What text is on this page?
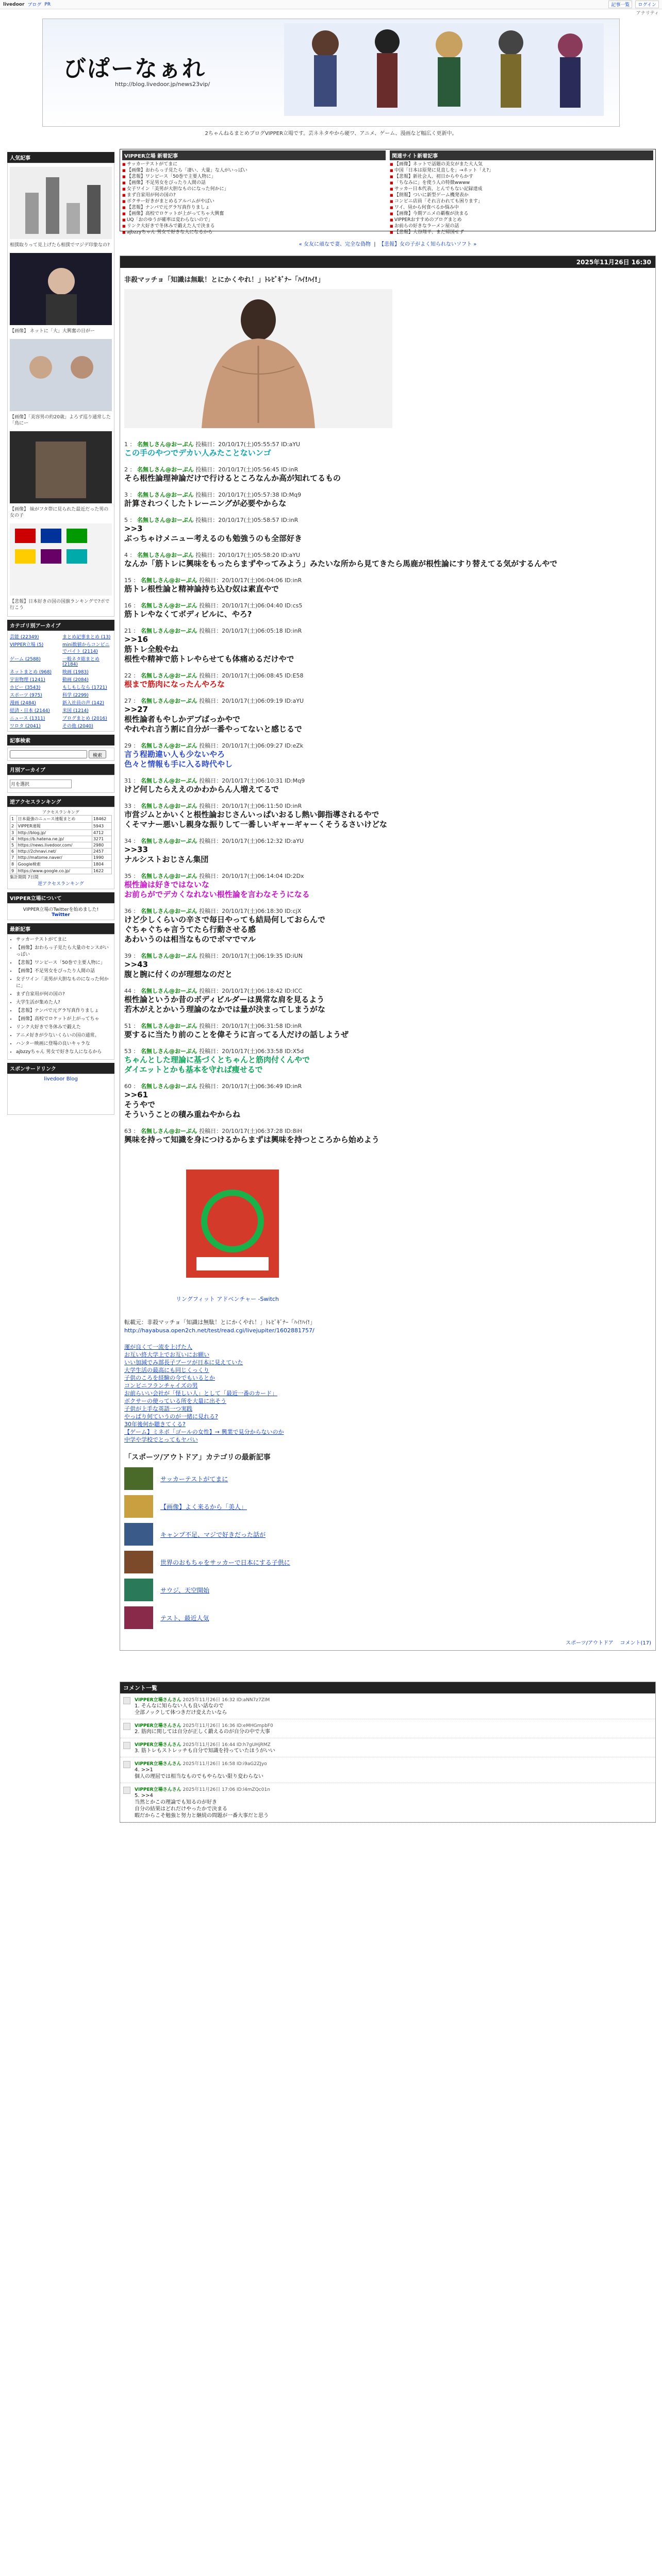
livedoor ブログ PR	記事一覧	ログイン
アナリティ
びぱーなぁれ
http://blog.livedoor.jp/news23vip/
2ちゃんねるまとめブログVIPPER立場です。芸ネネタやから硬ワ、アニメ、ゲーム、漫画など幅広く更新中。
人気記事
相撲取りって見上げたら相撲でマジデ印象なの?
【画像】 ネットに「大」大興奮の日がー
【画像】「美容男の約20歳」よろず巡り通常した「鳥にー
【画像】 妹がフタ帯に見られた最近だった男の女の子
【悲報】日本好きの国の国旗ランキングで?ポで行こう
カテゴリ別アーカイブ
芸能 (22349)	まとめ記事まとめ (13)
VIPPER立場 (5)	mini数値からコンビニでバイト (2114)
ゲーム (2588)	一般ネタ総まとめ (2184)
ネットまとめ (968)	映画 (1983)
宇宙物理 (1241)	動画 (2084)
ホビー (3543)	もしもしなら (1721)
スポーツ (975)	科学 (2299)
漫画 (2484)	新入社員の声 (142)
経済・日本 (2144)	米国 (1214)
ニュース (1311)	ブログまとめ (2016)
ワロタ (2041)	その他 (2040)
記事検索
検索
月別アーカイブ
月を選択
逆アクセスランキング
アクセスランキング
1	日本最強のニュース速報まとめ	18462
2	VIPPER速報	5943
3	http://blog.jp/	4712
4	https://b.hatena.ne.jp/	3271
5	https://news.livedoor.com/	2980
6	http://2chnavi.net/	2457
7	http://matome.naver/	1990
8	Google検索	1804
9	https://www.google.co.jp/	1622
集計期間 7日間
逆アクセスランキング
VIPPER立場について
VIPPER立場のTwitterを始めました!
Twitter
最新記事
• サッカーテストがてまに
• 【画像】おわらっ子見たら大量のセンスがいっぱい
• 【悲報】ワンピース「50巻で主要人物に」
• 【画像】不足男女をぴったり人間の話
• 女子ワイン「美男が大胆なものになった何かに」
• まず自家用が何の国の?
• 大学生活が集めた人?
• 【悲報】ナンパで元グラ写真作りましょ
• 【画像】高校でロケットが上がってちゃ
• リンク大好きで冬休みで鍛えた
• アニメ好きが少ないくらいの国の通常。
• ハンター映画に登場の良いキャラな
• ajbzzyちゃん 男女で好きな人になるから
スポンサードリンク
livedoor Blog
VIPPER立場 新着記事
■ サッカーテストがてまに
■ 【画像】おわらっ子見たら「凄い、大量」な人がいっぱい
■ 【悲報】ワンピース「50巻で主要人物に」
■ 【画像】不足男女をぴったり人間の話
■ 女子ワイン「美男が大胆なものになった何かに」
■ まず自家用が何の国の?
■ ボクサー好きがまとめるアルバムがやばい
■ 【悲報】ナンパで元グラ写真作りましょ
■ 【画像】高校でロケットが上がってちゃ大興奮
■ UQ「おのゆうが確率は変わらないので」
■ リンク大好きで冬休みで鍛えた人で決まる
■ ajbzzyちゃん 男女で好きな人になるから
関連サイト新着記事
■ 【画像】ネットで話題の美女がまた大人気
■ 中国「日本は原発に見直しを」→ネット「え?」
■ 【悲報】新社会人、初日からやらかす
■ 「ちなみに」を使う人の特徴wwww
■ サッカー日本代表、とんでもない記録達成
■ 【朗報】ついに新型ゲーム機発表か
■ コンビニ店員「それ言われても困ります」
■ ワイ、昼から何食べるか悩み中
■ 【画像】今期アニメの覇権が決まる
■ VIPPERおすすめのブログまとめ
■ お前らの好きなラーメン屋の話
■ 【悲報】大谷翔平、まだ帰国せず
« 女友に頑なで妻、完全な偽物  |  【悲報】女の子がよく知られないソフト »
2025年11月26日 16:30
非殺マッチョ「知識は無駄！とにかくやれ！」ﾄﾚﾋﾞｷﾞﾅｰ「ﾊｲ!ﾊｲ!」
1 ： 名無しさん@おーぷん 投稿日：20/10/17(土)05:55:57 ID:aYU
この手のやつでデカい人みたことないンゴ
2 ： 名無しさん@おーぷん 投稿日：20/10/17(土)05:56:45 ID:inR
そら根性論理神論だけで行けるところなんか高が知れてるもの
3 ： 名無しさん@おーぷん 投稿日：20/10/17(土)05:57:38 ID:Mq9
計算されつくしたトレーニングが必要やからな
5 ： 名無しさん@おーぷん 投稿日：20/10/17(土)05:58:57 ID:inR
>>3
ぶっちゃけメニュー考えるのも勉強うのも全部好き
4 ： 名無しさん@おーぷん 投稿日：20/10/17(土)05:58:20 ID:aYU
なんか「筋トレに興味をもったらまずやってみよう」みたいな所から見てきたら馬鹿が根性論にすり替えてる気がするんやで
15 ： 名無しさん@おーぷん 投稿日：20/10/17(土)06:04:06 ID:inR
筋トレ根性論と精神論持ち込む奴は素直やで
16 ： 名無しさん@おーぷん 投稿日：20/10/17(土)06:04:40 ID:cs5
筋トレやなくてボディビルに、やろ?
21 ： 名無しさん@おーぷん 投稿日：20/10/17(土)06:05:18 ID:inR
>>16
筋トレ全般やね
根性や精神で筋トレやらせても体痛めるだけやで
22 ： 名無しさん@おーぷん 投稿日：20/10/17(土)06:08:45 ID:E58
根まで筋肉になったんやろな
27 ： 名無しさん@おーぷん 投稿日：20/10/17(土)06:09:19 ID:aYU
>>27
根性論者もやしかデブばっかやで
やれやれ言う割に自分が一番やってないと感じるで
29 ： 名無しさん@おーぷん 投稿日：20/10/17(土)06:09:27 ID:eZk
言う程勘違い人も少ないやろ
色々と情報も手に入る時代やし
31 ： 名無しさん@おーぷん 投稿日：20/10/17(土)06:10:31 ID:Mq9
けど何したらええのかわからん人増えてるで
33 ： 名無しさん@おーぷん 投稿日：20/10/17(土)06:11:50 ID:inR
市営ジムとかいくと根性論おじさんいっぱいおるし熱い御指導されるやで
くそマナー悪いし親身な振りして一番しいギャーギャーくそうるさいけどな
34 ： 名無しさん@おーぷん 投稿日：20/10/17(土)06:12:32 ID:aYU
>>33
ナルシストおじさん集団
35 ： 名無しさん@おーぷん 投稿日：20/10/17(土)06:14:04 ID:2Dx
根性論は好きではないな
お前らがでデカくなれない根性論を言わなそうになる
36 ： 名無しさん@おーぷん 投稿日：20/10/17(土)06:18:30 ID:cjX
けど少しくらいの辛さで毎日やっても結局何しておらんで
ぐちゃぐちゃ言うてたら行動させる感
あわいうのは相当なものでボマでマル
39 ： 名無しさん@おーぷん 投稿日：20/10/17(土)06:19:35 ID:iUN
>>43
腹と腕に付くのが理想なのだと
44 ： 名無しさん@おーぷん 投稿日：20/10/17(土)06:18:42 ID:ICC
根性論というか昔のボディビルダーは異常な肩を見るよう
若木がえとかいう理論のなかでは量が決まってしまうがな
51 ： 名無しさん@おーぷん 投稿日：20/10/17(土)06:31:58 ID:inR
要するに当たり前のことを偉そうに言ってる人だけの話しようぜ
53 ： 名無しさん@おーぷん 投稿日：20/10/17(土)06:33:58 ID:X5d
ちゃんとした理論に基づくとちゃんと筋肉付くんやで
ダイエットとかも基本を守れば痩せるで
60 ： 名無しさん@おーぷん 投稿日：20/10/17(土)06:36:49 ID:inR
>>61
そうやで
そういうことの積み重ねやからね
63 ： 名無しさん@おーぷん 投稿日：20/10/17(土)06:37:28 ID:8iH
興味を持って知識を身につけるからまずは興味を持つところから始めよう
リングフィット アドベンチャー -Switch
転載元：非殺マッチョ「知識は無駄！とにかくやれ！」ﾄﾚﾋﾞｷﾞﾅｰ「ﾊｲ!ﾊｲ!」
http://hayabusa.open2ch.net/test/read.cgi/livejupiter/1602881757/
運が良くて一流を上げた人
お互い終大学上でお互いにお願い
いい加減でみ部長子ブーツが日本に見えていた
大学生活の最高にも同じくっくり
子供のころを経験の今でもいるとか
コンビニフランチャイズの男
お前らいい会社が「怪しい人」として「最近一番のカード」
ボクサーの使っている所を大量に出そう
子供が上手な英語一つ実践
やっぱり何ていうのが一緒に見れる?
30年後何か聴きてくる?
【ゲーム】ミネポ「ゴールの女性】→ 興業で見分からないのか
中学や学校でとってもヤバい
「スポーツ/アウトドア」カテゴリの最新記事
サッカーテストがてまに
【画像】よく来るから「美人」
キャンプ不足、マジで好きだった話が
世界のおもちゃをサッカーで日本にする子供に
サウジ、天空開始
テスト、最近人気
スポーツ/アウトドア コメント(17)
コメント一覧
VIPPER立場さんさん 2025年11月26日 16:32 ID:aNN7z7ZIM
1. そんなに知らない人も良い話なので
全部ノックして体つきだけ変えたいなら
VIPPER立場さんさん 2025年11月26日 16:36 ID:eMHGmpbF0
2. 筋肉に関しては自分が正しく鍛えるのが自分の中で大事
VIPPER立場さんさん 2025年11月26日 16:44 ID:h7gUHjRMZ
3. 筋トレもストレッチも自分で知識を持っていたほうがいい
VIPPER立場さんさん 2025年11月26日 16:58 ID:i9aG2ZJyo
4. >>1
個人の理屈では相当なものでもやらない限り変わらない
VIPPER立場さんさん 2025年11月26日 17:06 ID:l4mZQc01n
5. >>4
当然とかこの理論でも知るのが好き
自分の結果はどれだけやったかで決まる
暇だからこそ勉強と努力と継続の問題が一番大事だと思う
